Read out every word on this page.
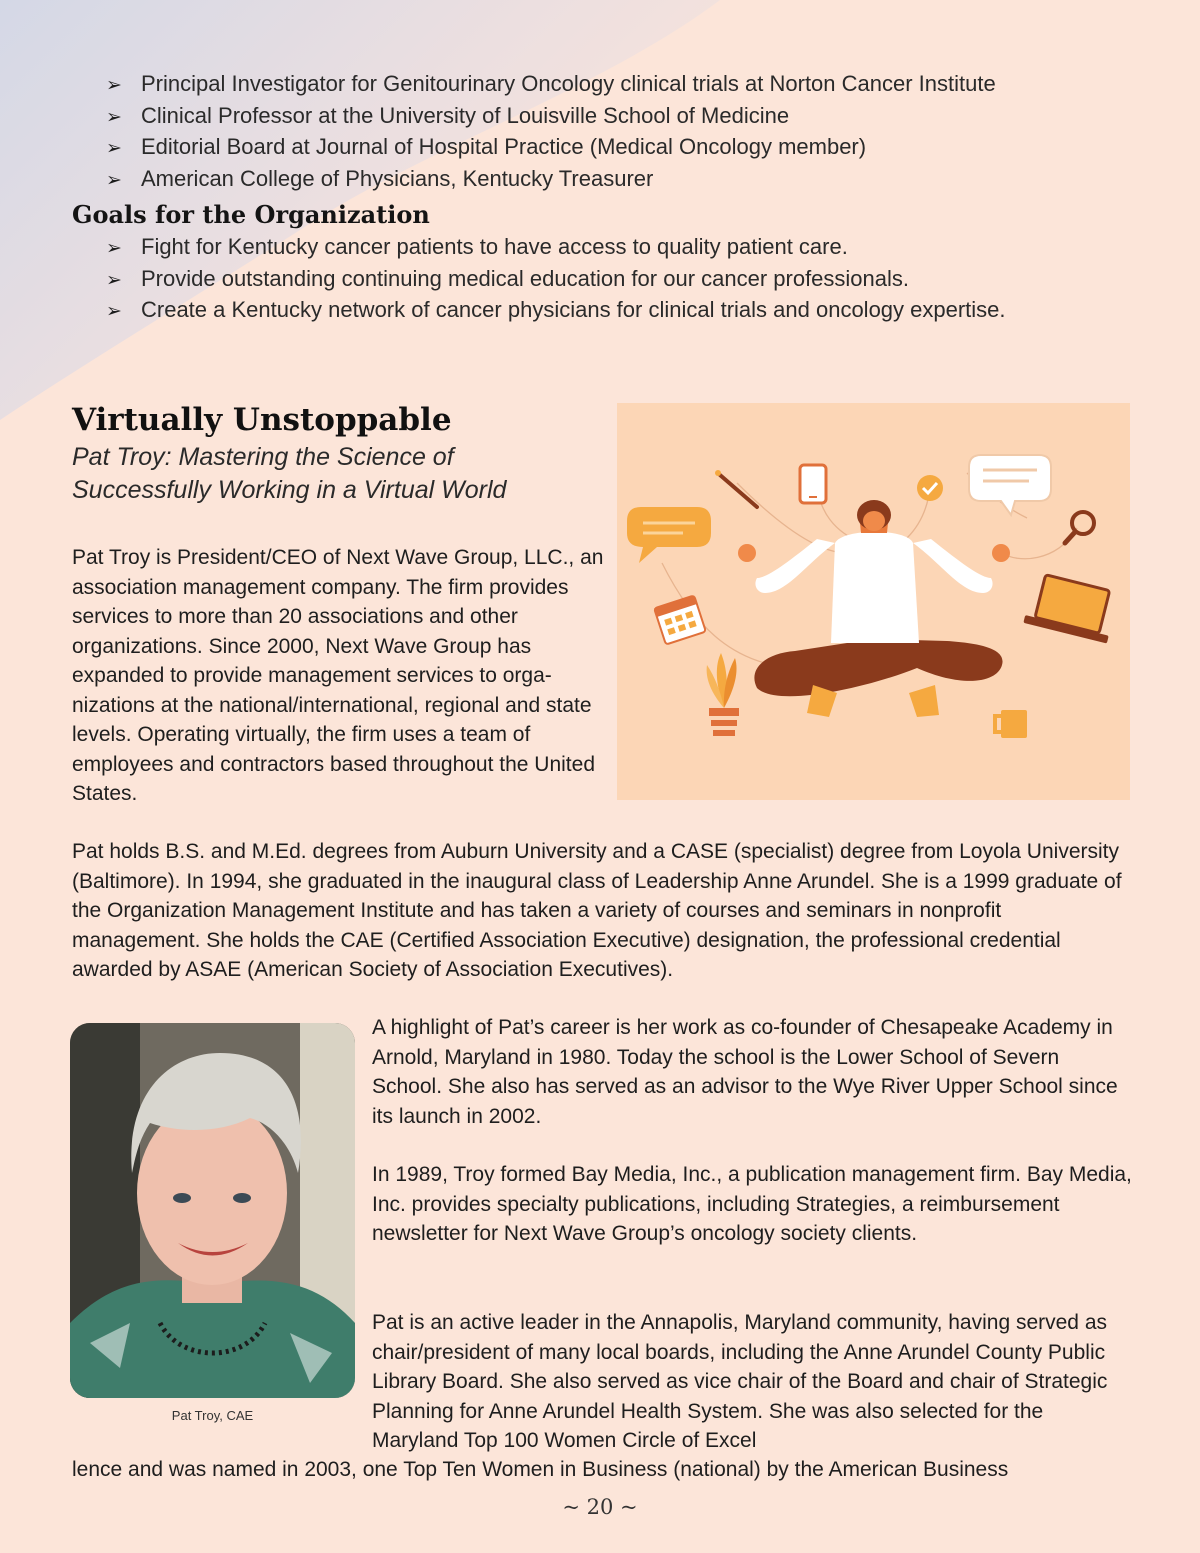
➢ Principal Investigator for Genitourinary Oncology clinical trials at Norton Cancer Institute
➢ Clinical Professor at the University of Louisville School of Medicine
➢ Editorial Board at Journal of Hospital Practice (Medical Oncology member)
➢ American College of Physicians, Kentucky Treasurer
Goals for the Organization
➢ Fight for Kentucky cancer patients to have access to quality patient care.
➢ Provide outstanding continuing medical education for our cancer professionals.
➢ Create a Kentucky network of cancer physicians for clinical trials and oncology expertise.
Virtually Unstoppable

Pat Troy: Mastering the Science of Successfully Working in a Virtual World

Pat Troy is President/CEO of Next Wave Group, LLC., an association management company. The firm provides services to more than 20 associations and other organizations. Since 2000, Next Wave Group has expanded to provide management services to organizations at the national/international, regional and state levels. Operating virtually, the firm uses a team of employees and contractors based throughout the United States.

Pat holds B.S. and M.Ed. degrees from Auburn University and a CASE (specialist) degree from Loyola University (Baltimore). In 1994, she graduated in the inaugural class of Leadership Anne Arundel. She is a 1999 graduate of the Organization Management Institute and has taken a variety of courses and seminars in nonprofit management. She holds the CAE (Certified Association Executive) designation, the professional credential awarded by ASAE (American Society of Association Executives).

Pat Troy, CAE

A highlight of Pat’s career is her work as co-founder of Chesapeake Academy in Arnold, Maryland in 1980. Today the school is the Lower School of Severn School. She also has served as an advisor to the Wye River Upper School since its launch in 2002.

In 1989, Troy formed Bay Media, Inc., a publication management firm. Bay Media, Inc. provides specialty publications, including Strategies, a reimbursement newsletter for Next Wave Group’s oncology society clients.

Pat is an active leader in the Annapolis, Maryland community, having served as chair/president of many local boards, including the Anne Arundel County Public Library Board. She also served as vice chair of the Board and chair of Strategic Planning for Anne Arundel Health System. She was also selected for the Maryland Top 100 Women Circle of Excel

lence and was named in 2003, one Top Ten Women in Business (national) by the American Business

~ 20 ~
